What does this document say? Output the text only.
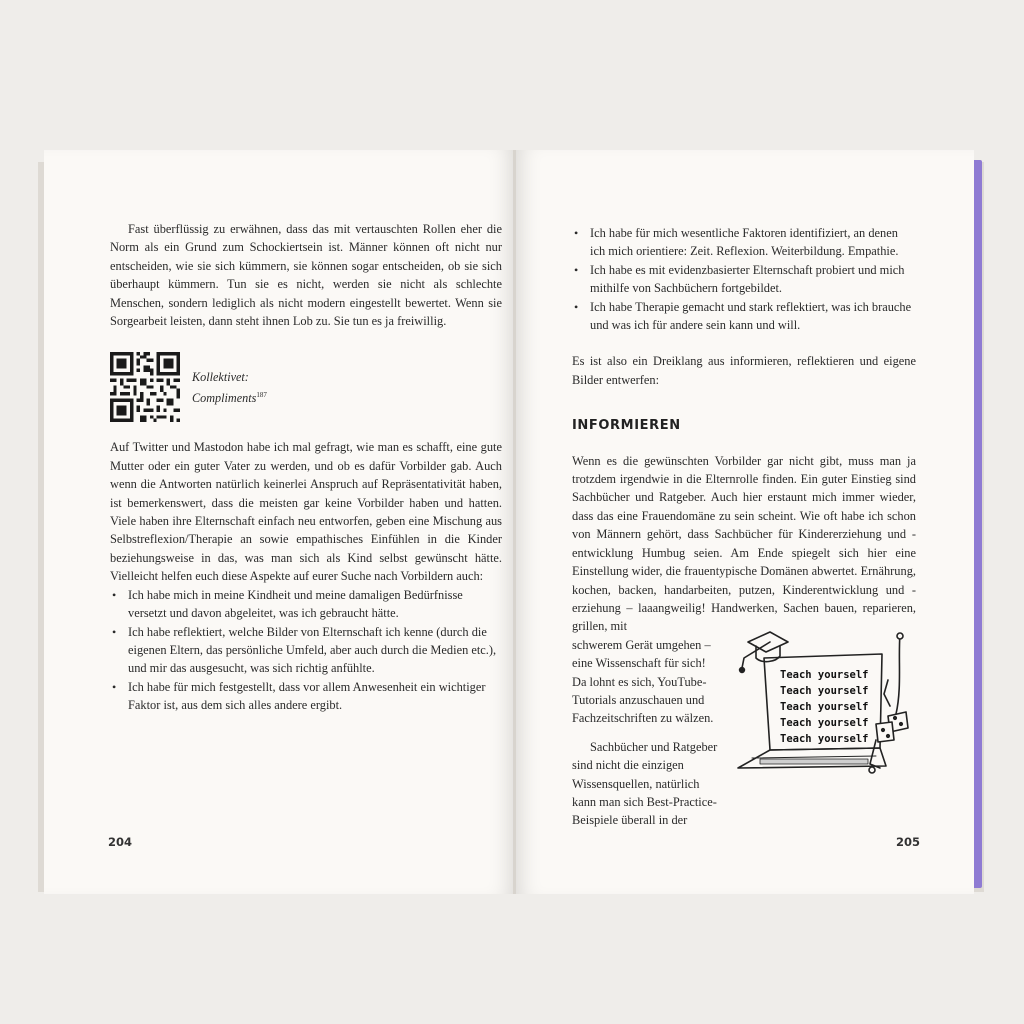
Fast überflüssig zu erwähnen, dass das mit vertauschten Rollen eher die Norm als ein Grund zum Schockiertsein ist. Männer können oft nicht nur entscheiden, wie sie sich kümmern, sie können sogar entscheiden, ob sie sich überhaupt kümmern. Tun sie es nicht, werden sie nicht als schlechte Menschen, sondern lediglich als nicht modern eingestellt bewertet. Wenn sie Sorgearbeit leisten, dann steht ihnen Lob zu. Sie tun es ja freiwillig.

Kollektivet:
Compliments$^{187}$

Auf Twitter und Mastodon habe ich mal gefragt, wie man es schafft, eine gute Mutter oder ein guter Vater zu werden, und ob es dafür Vorbilder gab. Auch wenn die Antworten natürlich keinerlei Anspruch auf Repräsentativität haben, ist bemerkenswert, dass die meisten gar keine Vorbilder haben und hatten. Viele haben ihre Elternschaft einfach neu entworfen, geben eine Mischung aus Selbstreflexion/Therapie an sowie empathisches Einfühlen in die Kinder beziehungsweise in das, was man sich als Kind selbst gewünscht hätte. Vielleicht helfen euch diese Aspekte auf eurer Suche nach Vorbildern auch:

• Ich habe mich in meine Kindheit und meine damaligen Bedürfnisse versetzt und davon abgeleitet, was ich gebraucht hätte.
• Ich habe reflektiert, welche Bilder von Elternschaft ich kenne (durch die eigenen Eltern, das persönliche Umfeld, aber auch durch die Medien etc.), und mir das ausgesucht, was sich richtig anfühlte.
• Ich habe für mich festgestellt, dass vor allem Anwesenheit ein wichtiger Faktor ist, aus dem sich alles andere ergibt.
204
• Ich habe für mich wesentliche Faktoren identifiziert, an denen ich mich orientiere: Zeit. Reflexion. Weiterbildung. Empathie.
• Ich habe es mit evidenzbasierter Elternschaft probiert und mich mithilfe von Sachbüchern fortgebildet.
• Ich habe Therapie gemacht und stark reflektiert, was ich brauche und was ich für andere sein kann und will.

Es ist also ein Dreiklang aus informieren, reflektieren und eigene Bilder entwerfen:

INFORMIEREN

Wenn es die gewünschten Vorbilder gar nicht gibt, muss man ja trotzdem irgendwie in die Elternrolle finden. Ein guter Einstieg sind Sachbücher und Ratgeber. Auch hier erstaunt mich immer wieder, dass das eine Frauendomäne zu sein scheint. Wie oft habe ich schon von Männern gehört, dass Sachbücher für Kindererziehung und -entwicklung Humbug seien. Am Ende spiegelt sich hier eine Einstellung wider, die frauentypische Domänen abwertet. Ernährung, kochen, backen, handarbeiten, putzen, Kinderentwicklung und -erziehung – laaangweilig! Handwerken, Sachen bauen, reparieren, grillen, mit

schwerem Gerät umgehen – eine Wissenschaft für sich! Da lohnt es sich, YouTube-Tutorials anzuschauen und Fachzeitschriften zu wälzen.

Sachbücher und Ratgeber sind nicht die einzigen Wissensquellen, natürlich kann man sich Best-Practice-Beispiele überall in der

Teach yourself
Teach yourself
Teach yourself
Teach yourself
Teach yourself
205
